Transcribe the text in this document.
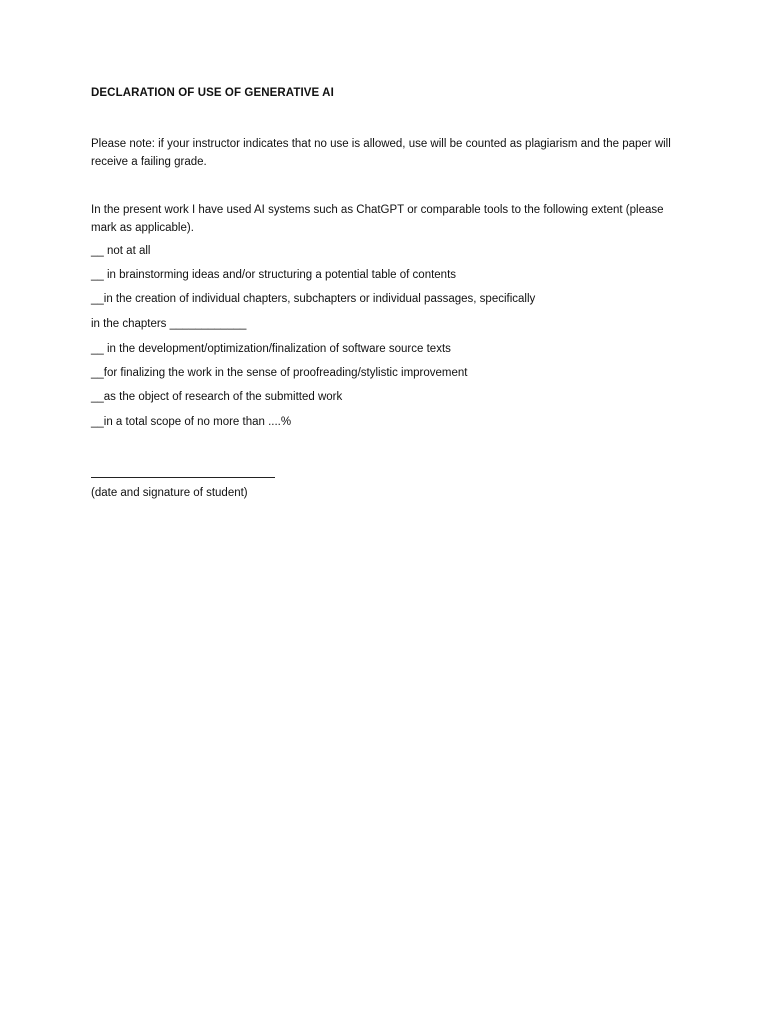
DECLARATION OF USE OF GENERATIVE AI
Please note: if your instructor indicates that no use is allowed, use will be counted as plagiarism and the paper will receive a failing grade.
In the present work I have used AI systems such as ChatGPT or comparable tools to the following extent (please mark as applicable).
__ not at all
__ in brainstorming ideas and/or structuring a potential table of contents
__in the creation of individual chapters, subchapters or individual passages, specifically
in the chapters ____________
__ in the development/optimization/finalization of software source texts
__for finalizing the work in the sense of proofreading/stylistic improvement
__as the object of research of the submitted work
__in a total scope of no more than ....%
(date and signature of student)
